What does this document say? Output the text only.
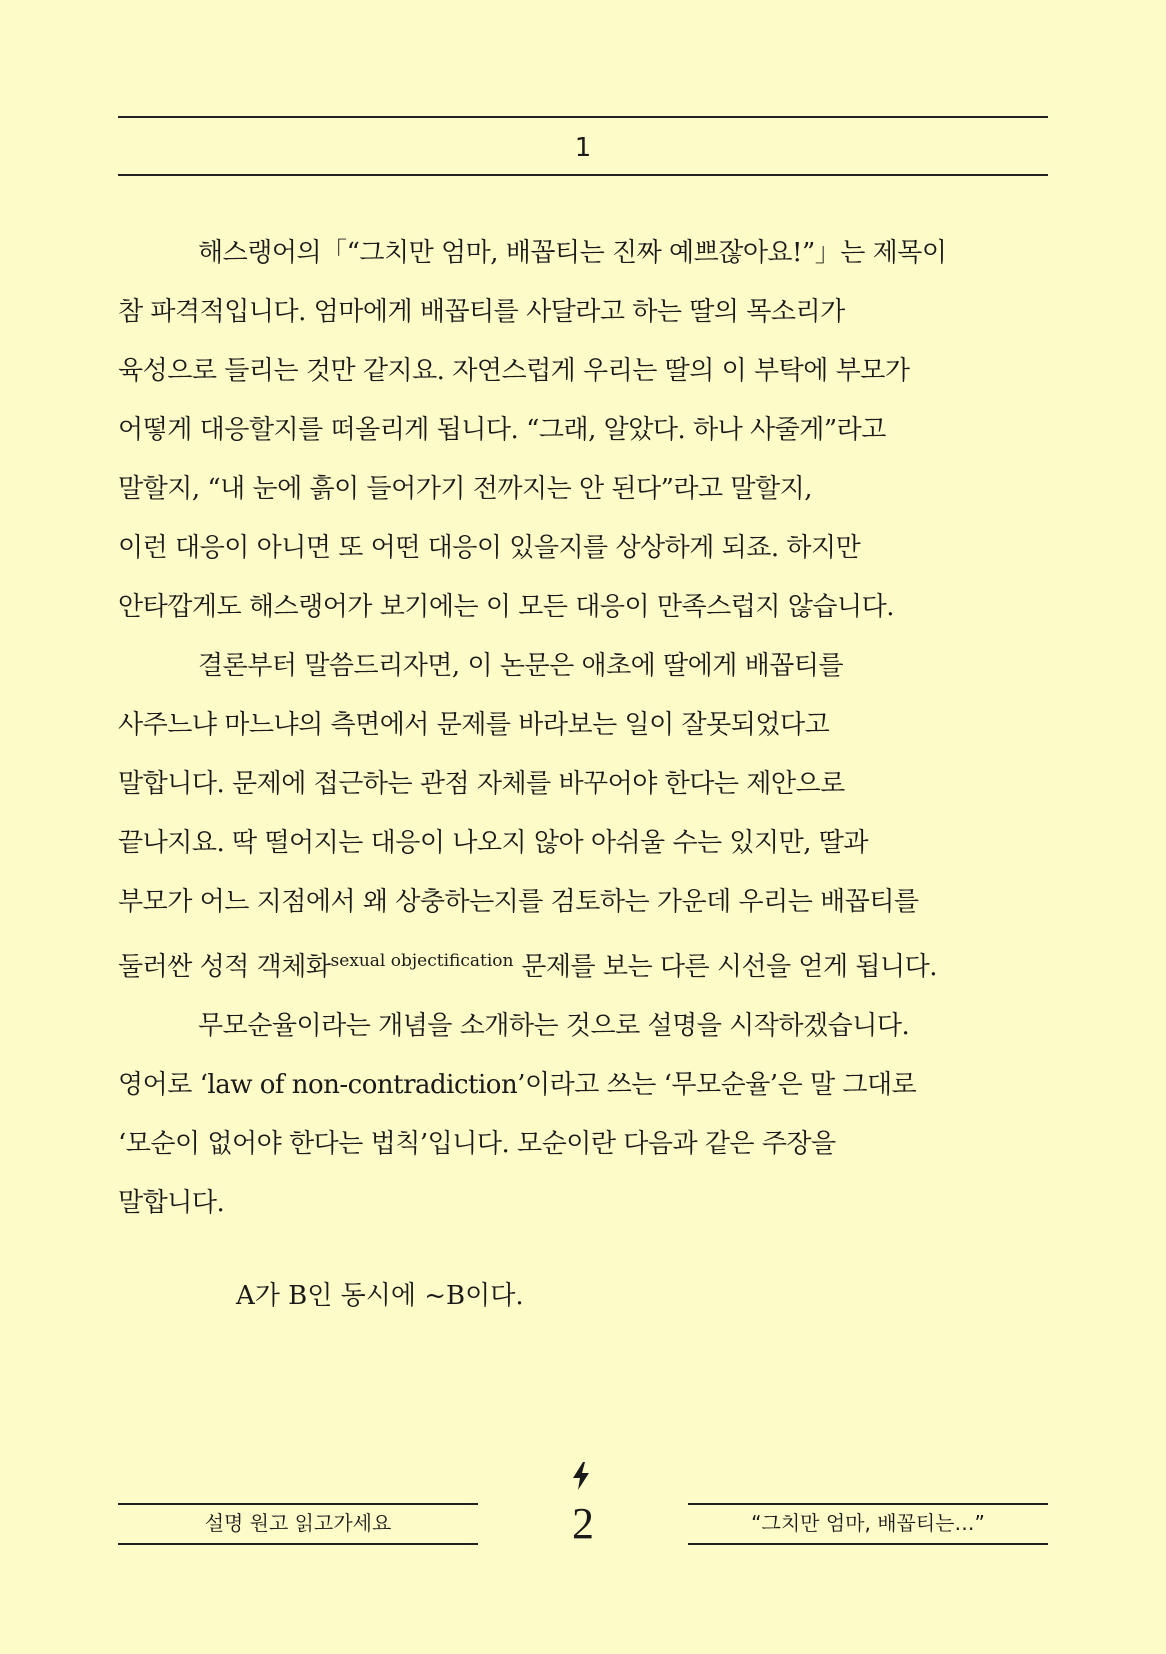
1

해스랭어의「“그치만 엄마, 배꼽티는 진짜 예쁘잖아요!”」는 제목이

참 파격적입니다. 엄마에게 배꼽티를 사달라고 하는 딸의 목소리가

육성으로 들리는 것만 같지요. 자연스럽게 우리는 딸의 이 부탁에 부모가

어떻게 대응할지를 떠올리게 됩니다. “그래, 알았다. 하나 사줄게”라고

말할지, “내 눈에 흙이 들어가기 전까지는 안 된다”라고 말할지,

이런 대응이 아니면 또 어떤 대응이 있을지를 상상하게 되죠. 하지만

안타깝게도 해스랭어가 보기에는 이 모든 대응이 만족스럽지 않습니다.

결론부터 말씀드리자면, 이 논문은 애초에 딸에게 배꼽티를

사주느냐 마느냐의 측면에서 문제를 바라보는 일이 잘못되었다고

말합니다. 문제에 접근하는 관점 자체를 바꾸어야 한다는 제안으로

끝나지요. 딱 떨어지는 대응이 나오지 않아 아쉬울 수는 있지만, 딸과

부모가 어느 지점에서 왜 상충하는지를 검토하는 가운데 우리는 배꼽티를

둘러싼 성적 객체화$^{sexual objectification}$ 문제를 보는 다른 시선을 얻게 됩니다.

무모순율이라는 개념을 소개하는 것으로 설명을 시작하겠습니다.

영어로 ‘law of non-contradiction’이라고 쓰는 ‘무모순율’은 말 그대로

‘모순이 없어야 한다는 법칙’입니다. 모순이란 다음과 같은 주장을

말합니다.

A가 B인 동시에 ~B이다.
설명 원고 읽고가세요	2	“그치만 엄마, 배꼽티는…”
